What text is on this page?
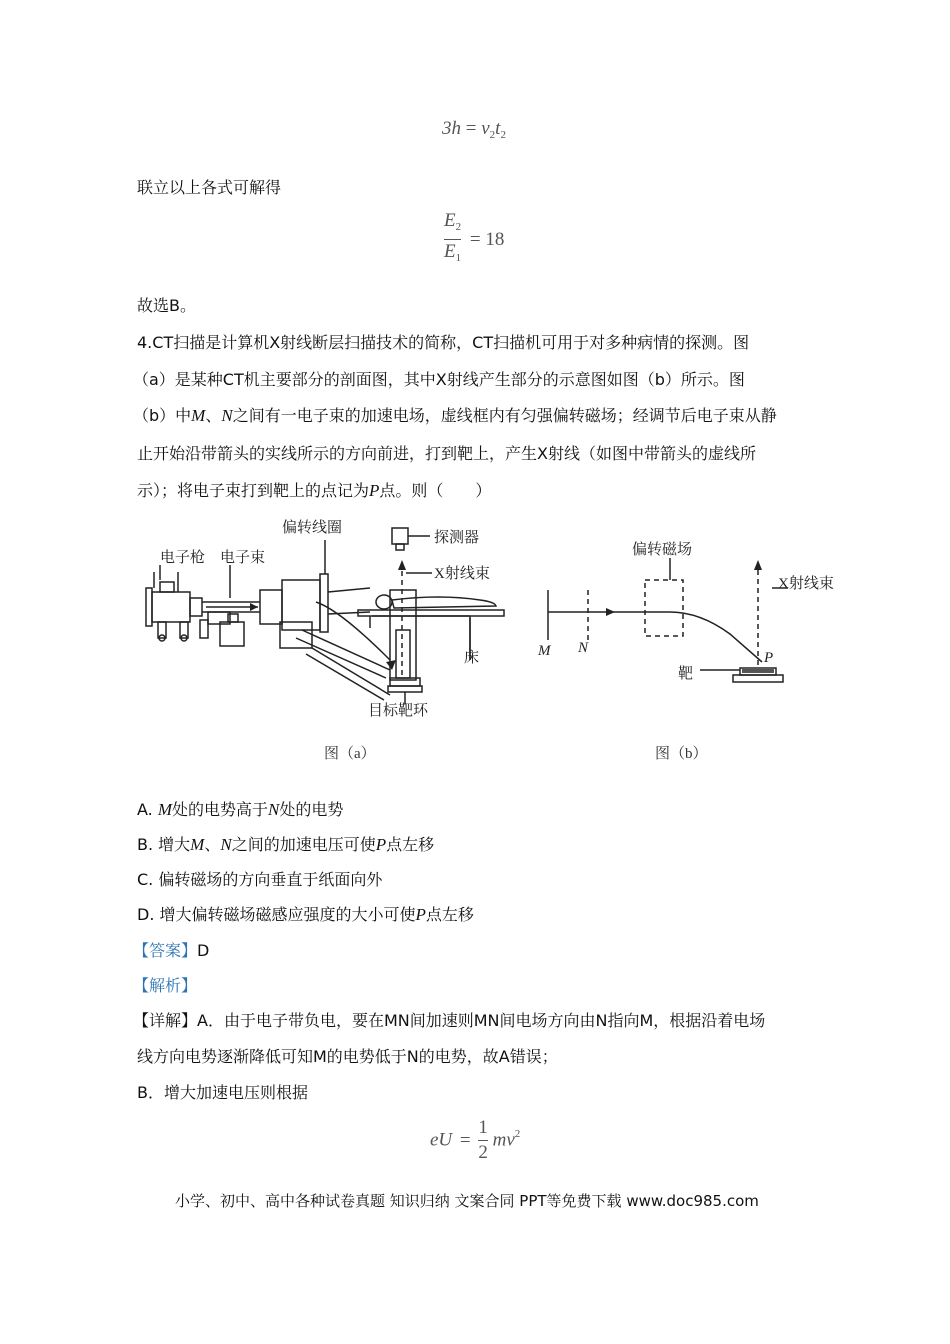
$3h = v_2t_2$
联立以上各式可解得
$\frac{E_2}{E_1} = 18$
故选B。
4.CT扫描是计算机X射线断层扫描技术的简称，CT扫描机可用于对多种病情的探测。图
（a）是某种CT机主要部分的剖面图，其中X射线产生部分的示意图如图（b）所示。图
（b）中M、N之间有一电子束的加速电场，虚线框内有匀强偏转磁场；经调节后电子束从静
止开始沿带箭头的实线所示的方向前进，打到靶上，产生X射线（如图中带箭头的虚线所
示）；将电子束打到靶上的点记为P点。则（　　）
电子枪 电子束
偏转线圈
探测器
X射线束
床
目标靶环
图（a）
偏转磁场
X射线束
M N
P
靶
图（b）
A. M处的电势高于N处的电势
B. 增大M、N之间的加速电压可使P点左移
C. 偏转磁场的方向垂直于纸面向外
D. 增大偏转磁场磁感应强度的大小可使P点左移
【答案】D
【解析】
【详解】A．由于电子带负电，要在MN间加速则MN间电场方向由N指向M，根据沿着电场
线方向电势逐渐降低可知M的电势低于N的电势，故A错误；
B．增大加速电压则根据
eU = $\frac{1}{2} mv^2$
小学、初中、高中各种试卷真题 知识归纳 文案合同 PPT等免费下载 www.doc985.com
